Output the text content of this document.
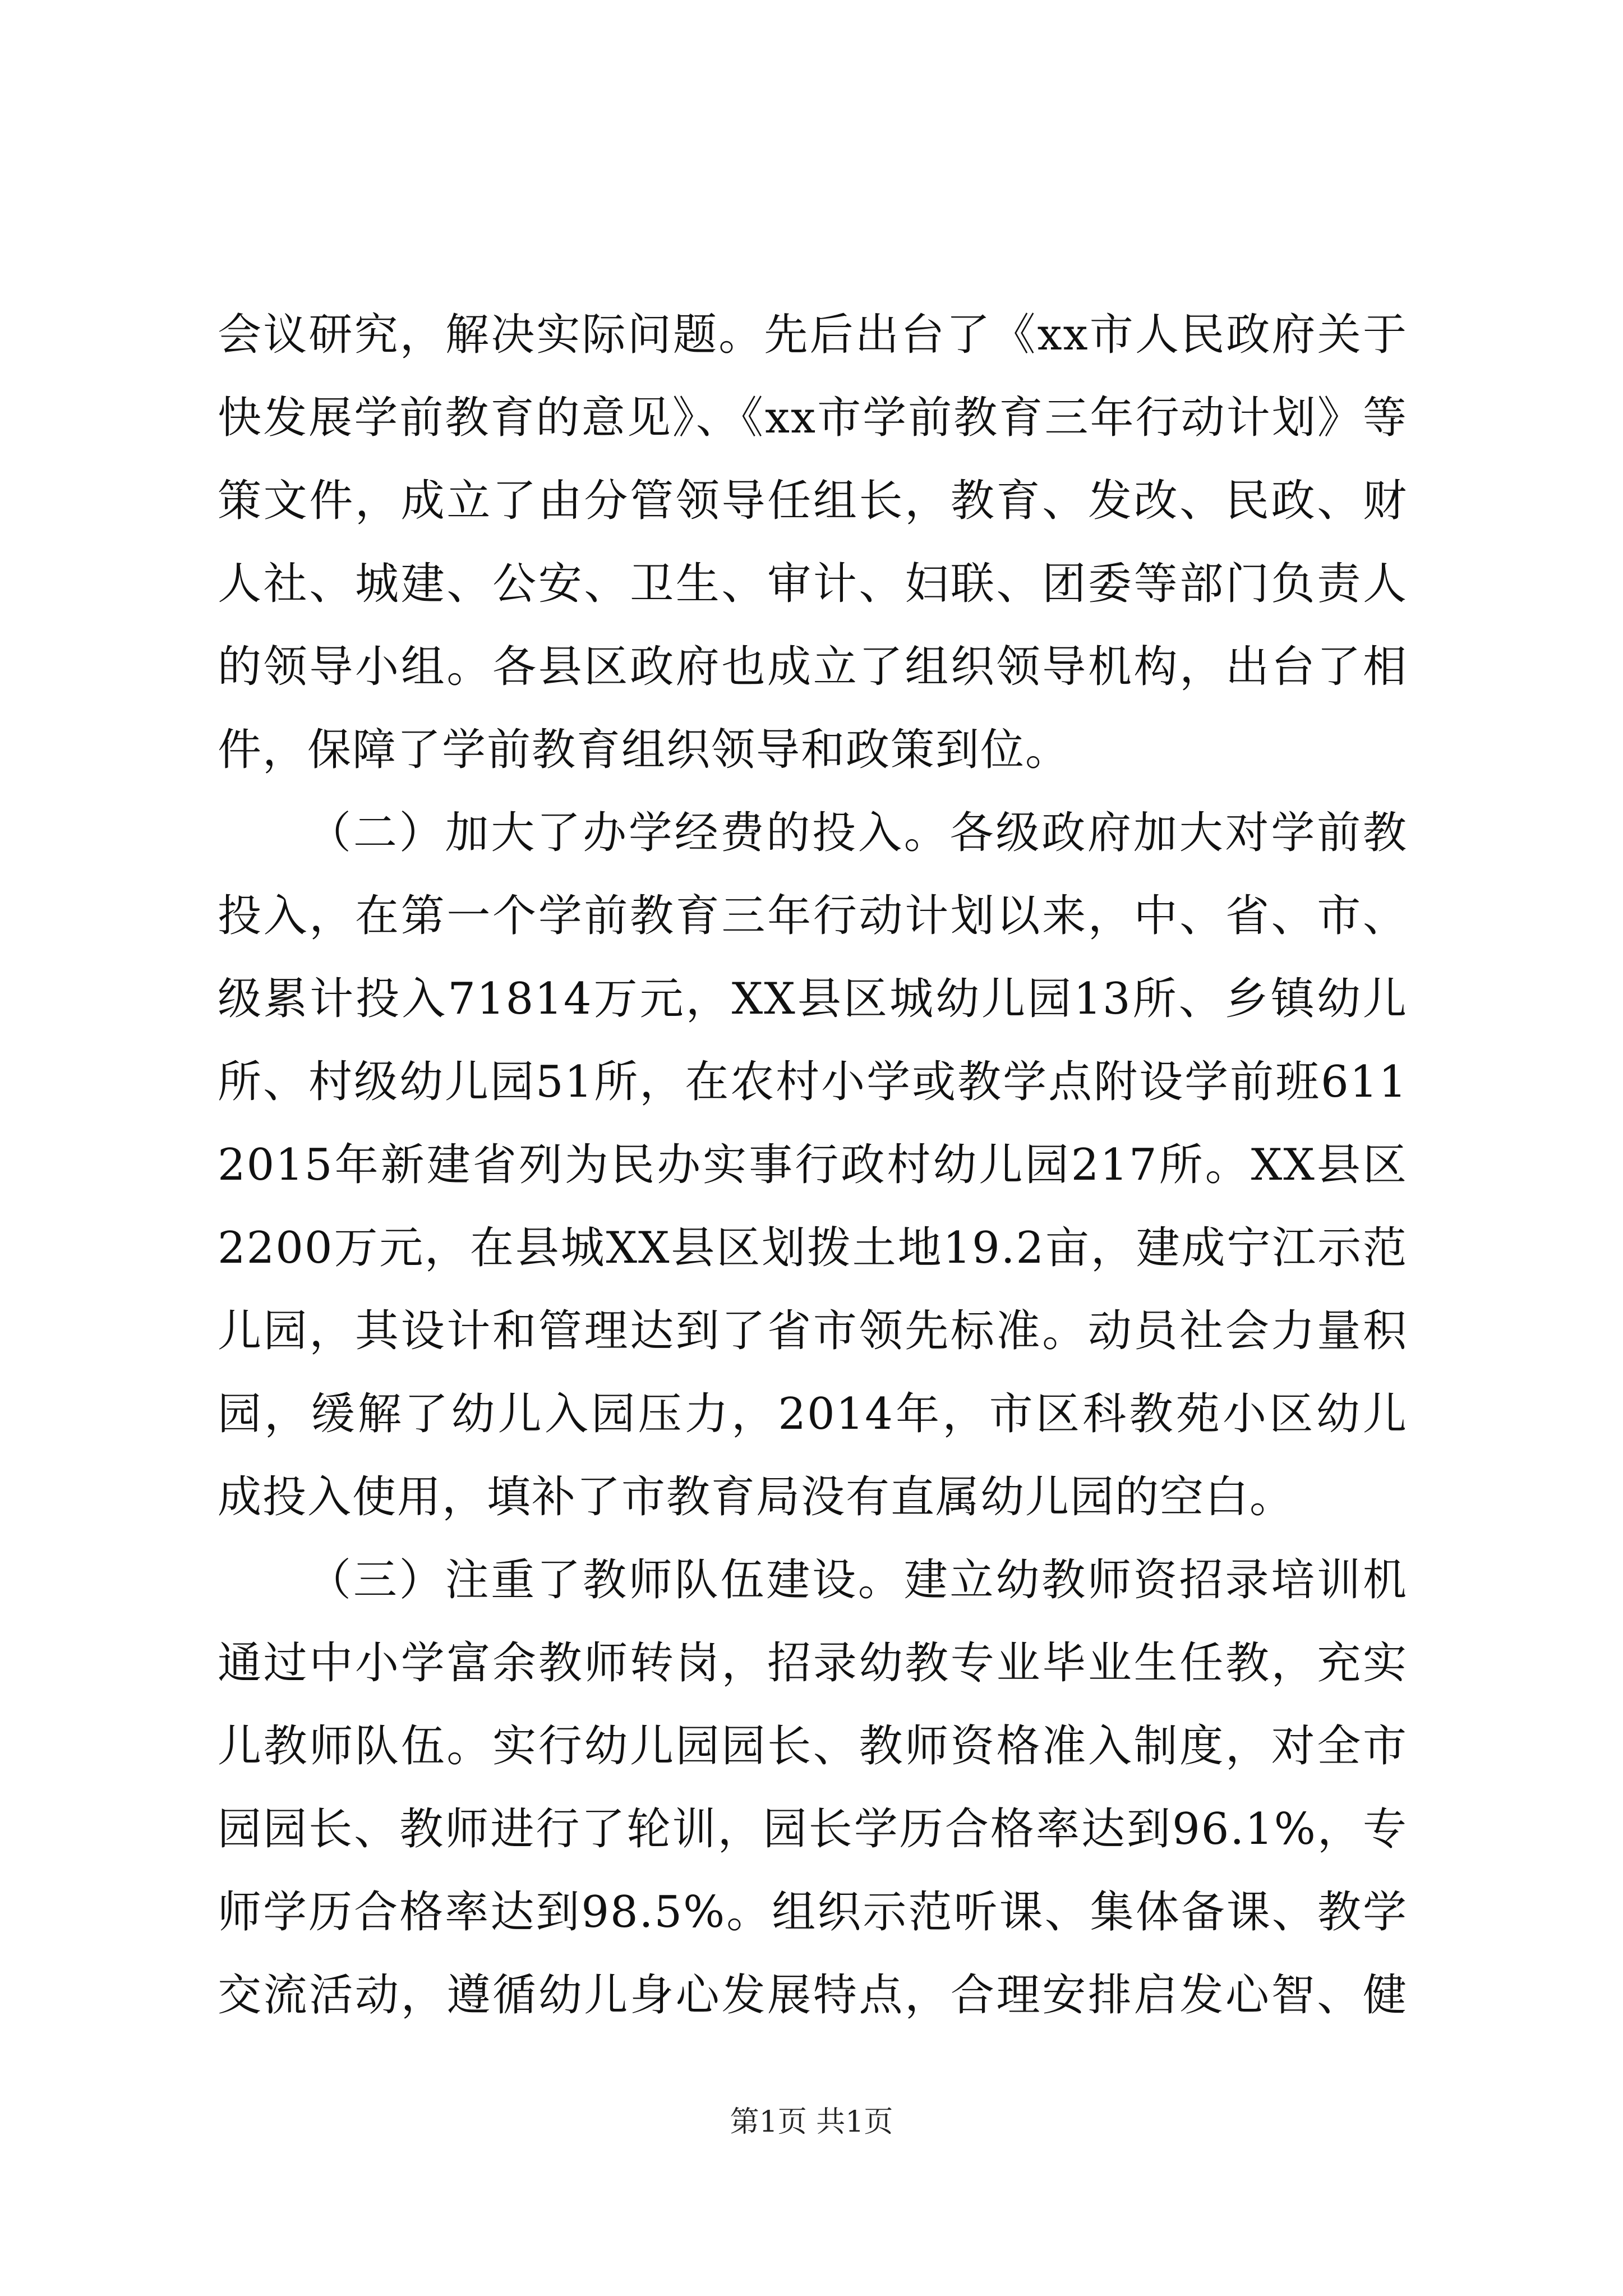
会议研究，解决实际问题。先后出台了《xx市人民政府关于
快发展学前教育的意见》、《xx市学前教育三年行动计划》等
策文件，成立了由分管领导任组长，教育、发改、民政、财
人社、城建、公安、卫生、审计、妇联、团委等部门负责人
的领导小组。各县区政府也成立了组织领导机构，出台了相
件，保障了学前教育组织领导和政策到位。
（二）加大了办学经费的投入。各级政府加大对学前教
投入，在第一个学前教育三年行动计划以来，中、省、市、
级累计投入71814万元，XX县区城幼儿园13所、乡镇幼儿
所、村级幼儿园51所，在农村小学或教学点附设学前班611
2015年新建省列为民办实事行政村幼儿园217所。XX县区
2200万元，在县城XX县区划拨土地19.2亩，建成宁江示范
儿园，其设计和管理达到了省市领先标准。动员社会力量积
园，缓解了幼儿入园压力，2014年，市区科教苑小区幼儿
成投入使用，填补了市教育局没有直属幼儿园的空白。
（三）注重了教师队伍建设。建立幼教师资招录培训机
通过中小学富余教师转岗，招录幼教专业毕业生任教，充实
儿教师队伍。实行幼儿园园长、教师资格准入制度，对全市
园园长、教师进行了轮训，园长学历合格率达到96.1%，专
师学历合格率达到98.5%。组织示范听课、集体备课、教学
交流活动，遵循幼儿身心发展特点，合理安排启发心智、健
第1页 共1页
